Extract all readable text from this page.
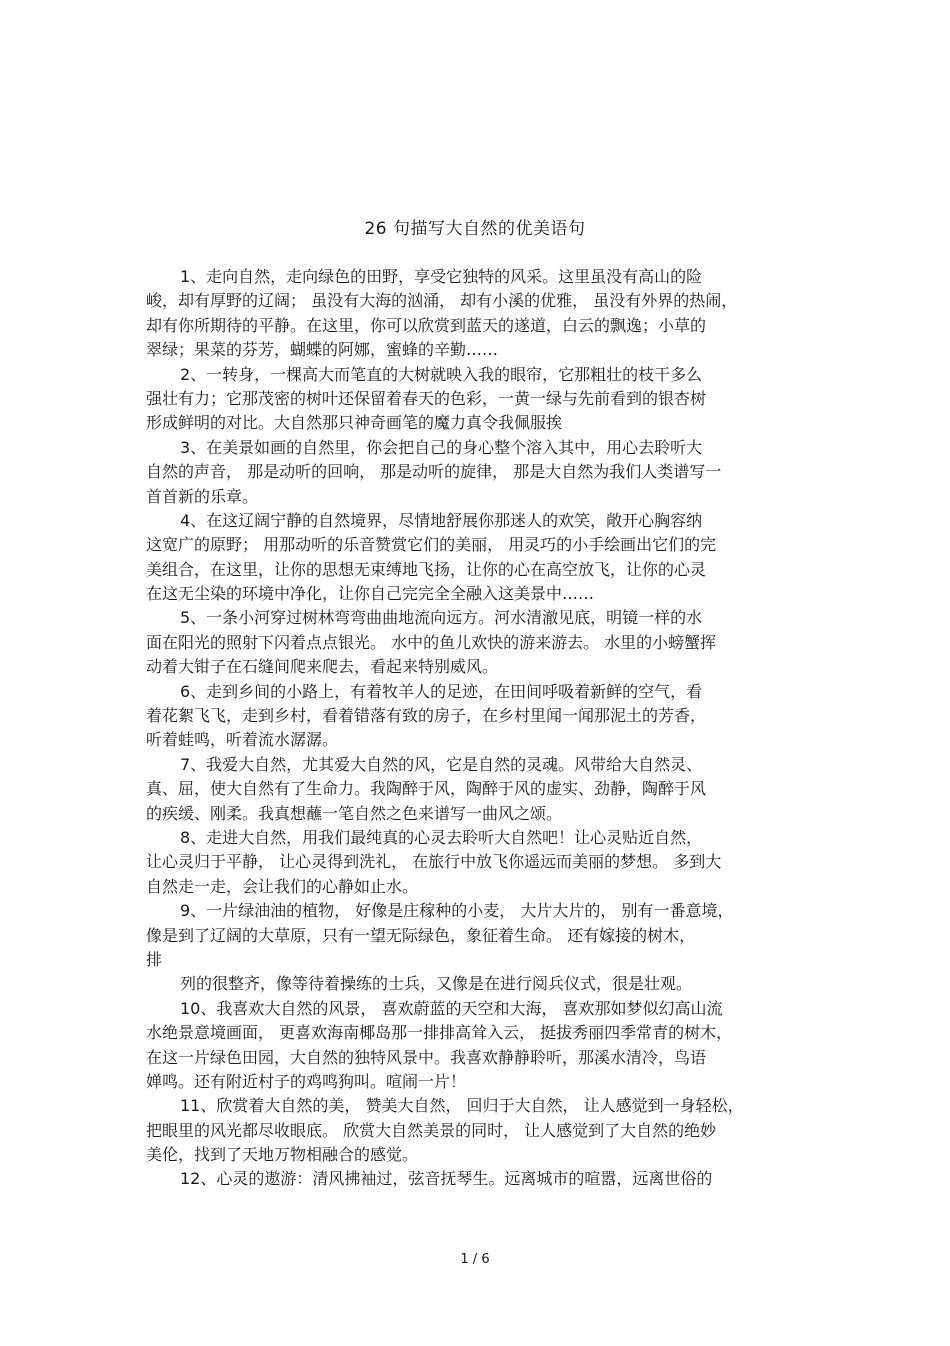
26 句描写大自然的优美语句
1、走向自然，走向绿色的田野，享受它独特的风采。这里虽没有高山的险
峻，却有厚野的辽阔； 虽没有大海的汹涌， 却有小溪的优雅， 虽没有外界的热闹，
却有你所期待的平静。在这里，你可以欣赏到蓝天的遂道，白云的飘逸；小草的
翠绿；果菜的芬芳，蝴蝶的阿娜，蜜蜂的辛勤……
2、一转身，一棵高大而笔直的大树就映入我的眼帘，它那粗壮的枝干多么
强壮有力；它那茂密的树叶还保留着春天的色彩，一黄一绿与先前看到的银杏树
形成鲜明的对比。大自然那只神奇画笔的魔力真令我佩服挨
3、在美景如画的自然里，你会把自己的身心整个溶入其中，用心去聆听大
自然的声音， 那是动听的回响， 那是动听的旋律， 那是大自然为我们人类谱写一
首首新的乐章。
4、在这辽阔宁静的自然境界，尽情地舒展你那迷人的欢笑，敞开心胸容纳
这宽广的原野； 用那动听的乐音赞赏它们的美丽， 用灵巧的小手绘画出它们的完
美组合，在这里，让你的思想无束缚地飞扬，让你的心在高空放飞，让你的心灵
在这无尘染的环境中净化，让你自己完完全全融入这美景中……
5、一条小河穿过树林弯弯曲曲地流向远方。河水清澈见底，明镜一样的水
面在阳光的照射下闪着点点银光。 水中的鱼儿欢快的游来游去。 水里的小螃蟹挥
动着大钳子在石缝间爬来爬去，看起来特别威风。
6、走到乡间的小路上，有着牧羊人的足迹，在田间呼吸着新鲜的空气，看
着花絮飞飞，走到乡村，看着错落有致的房子，在乡村里闻一闻那泥土的芳香，
听着蛙鸣，听着流水潺潺。
7、我爱大自然，尤其爱大自然的风，它是自然的灵魂。风带给大自然灵、
真、屈，使大自然有了生命力。我陶醉于风，陶醉于风的虚实、劲静，陶醉于风
的疾缓、刚柔。我真想蘸一笔自然之色来谱写一曲风之颂。
8、走进大自然，用我们最纯真的心灵去聆听大自然吧！让心灵贴近自然，
让心灵归于平静， 让心灵得到洗礼， 在旅行中放飞你遥远而美丽的梦想。 多到大
自然走一走，会让我们的心静如止水。
9、一片绿油油的植物， 好像是庄稼种的小麦， 大片大片的， 别有一番意境，
像是到了辽阔的大草原，只有一望无际绿色，象征着生命。 还有嫁接的树木，
排
列的很整齐，像等待着操练的士兵，又像是在进行阅兵仪式，很是壮观。
10、我喜欢大自然的风景， 喜欢蔚蓝的天空和大海， 喜欢那如梦似幻高山流
水绝景意境画面， 更喜欢海南椰岛那一排排高耸入云， 挺拔秀丽四季常青的树木，
在这一片绿色田园，大自然的独特风景中。我喜欢静静聆听，那溪水清冷，鸟语
婵鸣。还有附近村子的鸡鸣狗叫。喧闹一片！
11、欣赏着大自然的美， 赞美大自然， 回归于大自然， 让人感觉到一身轻松，
把眼里的风光都尽收眼底。 欣赏大自然美景的同时， 让人感觉到了大自然的绝妙
美伦，找到了天地万物相融合的感觉。
12、心灵的遨游：清风拂袖过，弦音抚琴生。远离城市的喧嚣，远离世俗的
1 / 6
